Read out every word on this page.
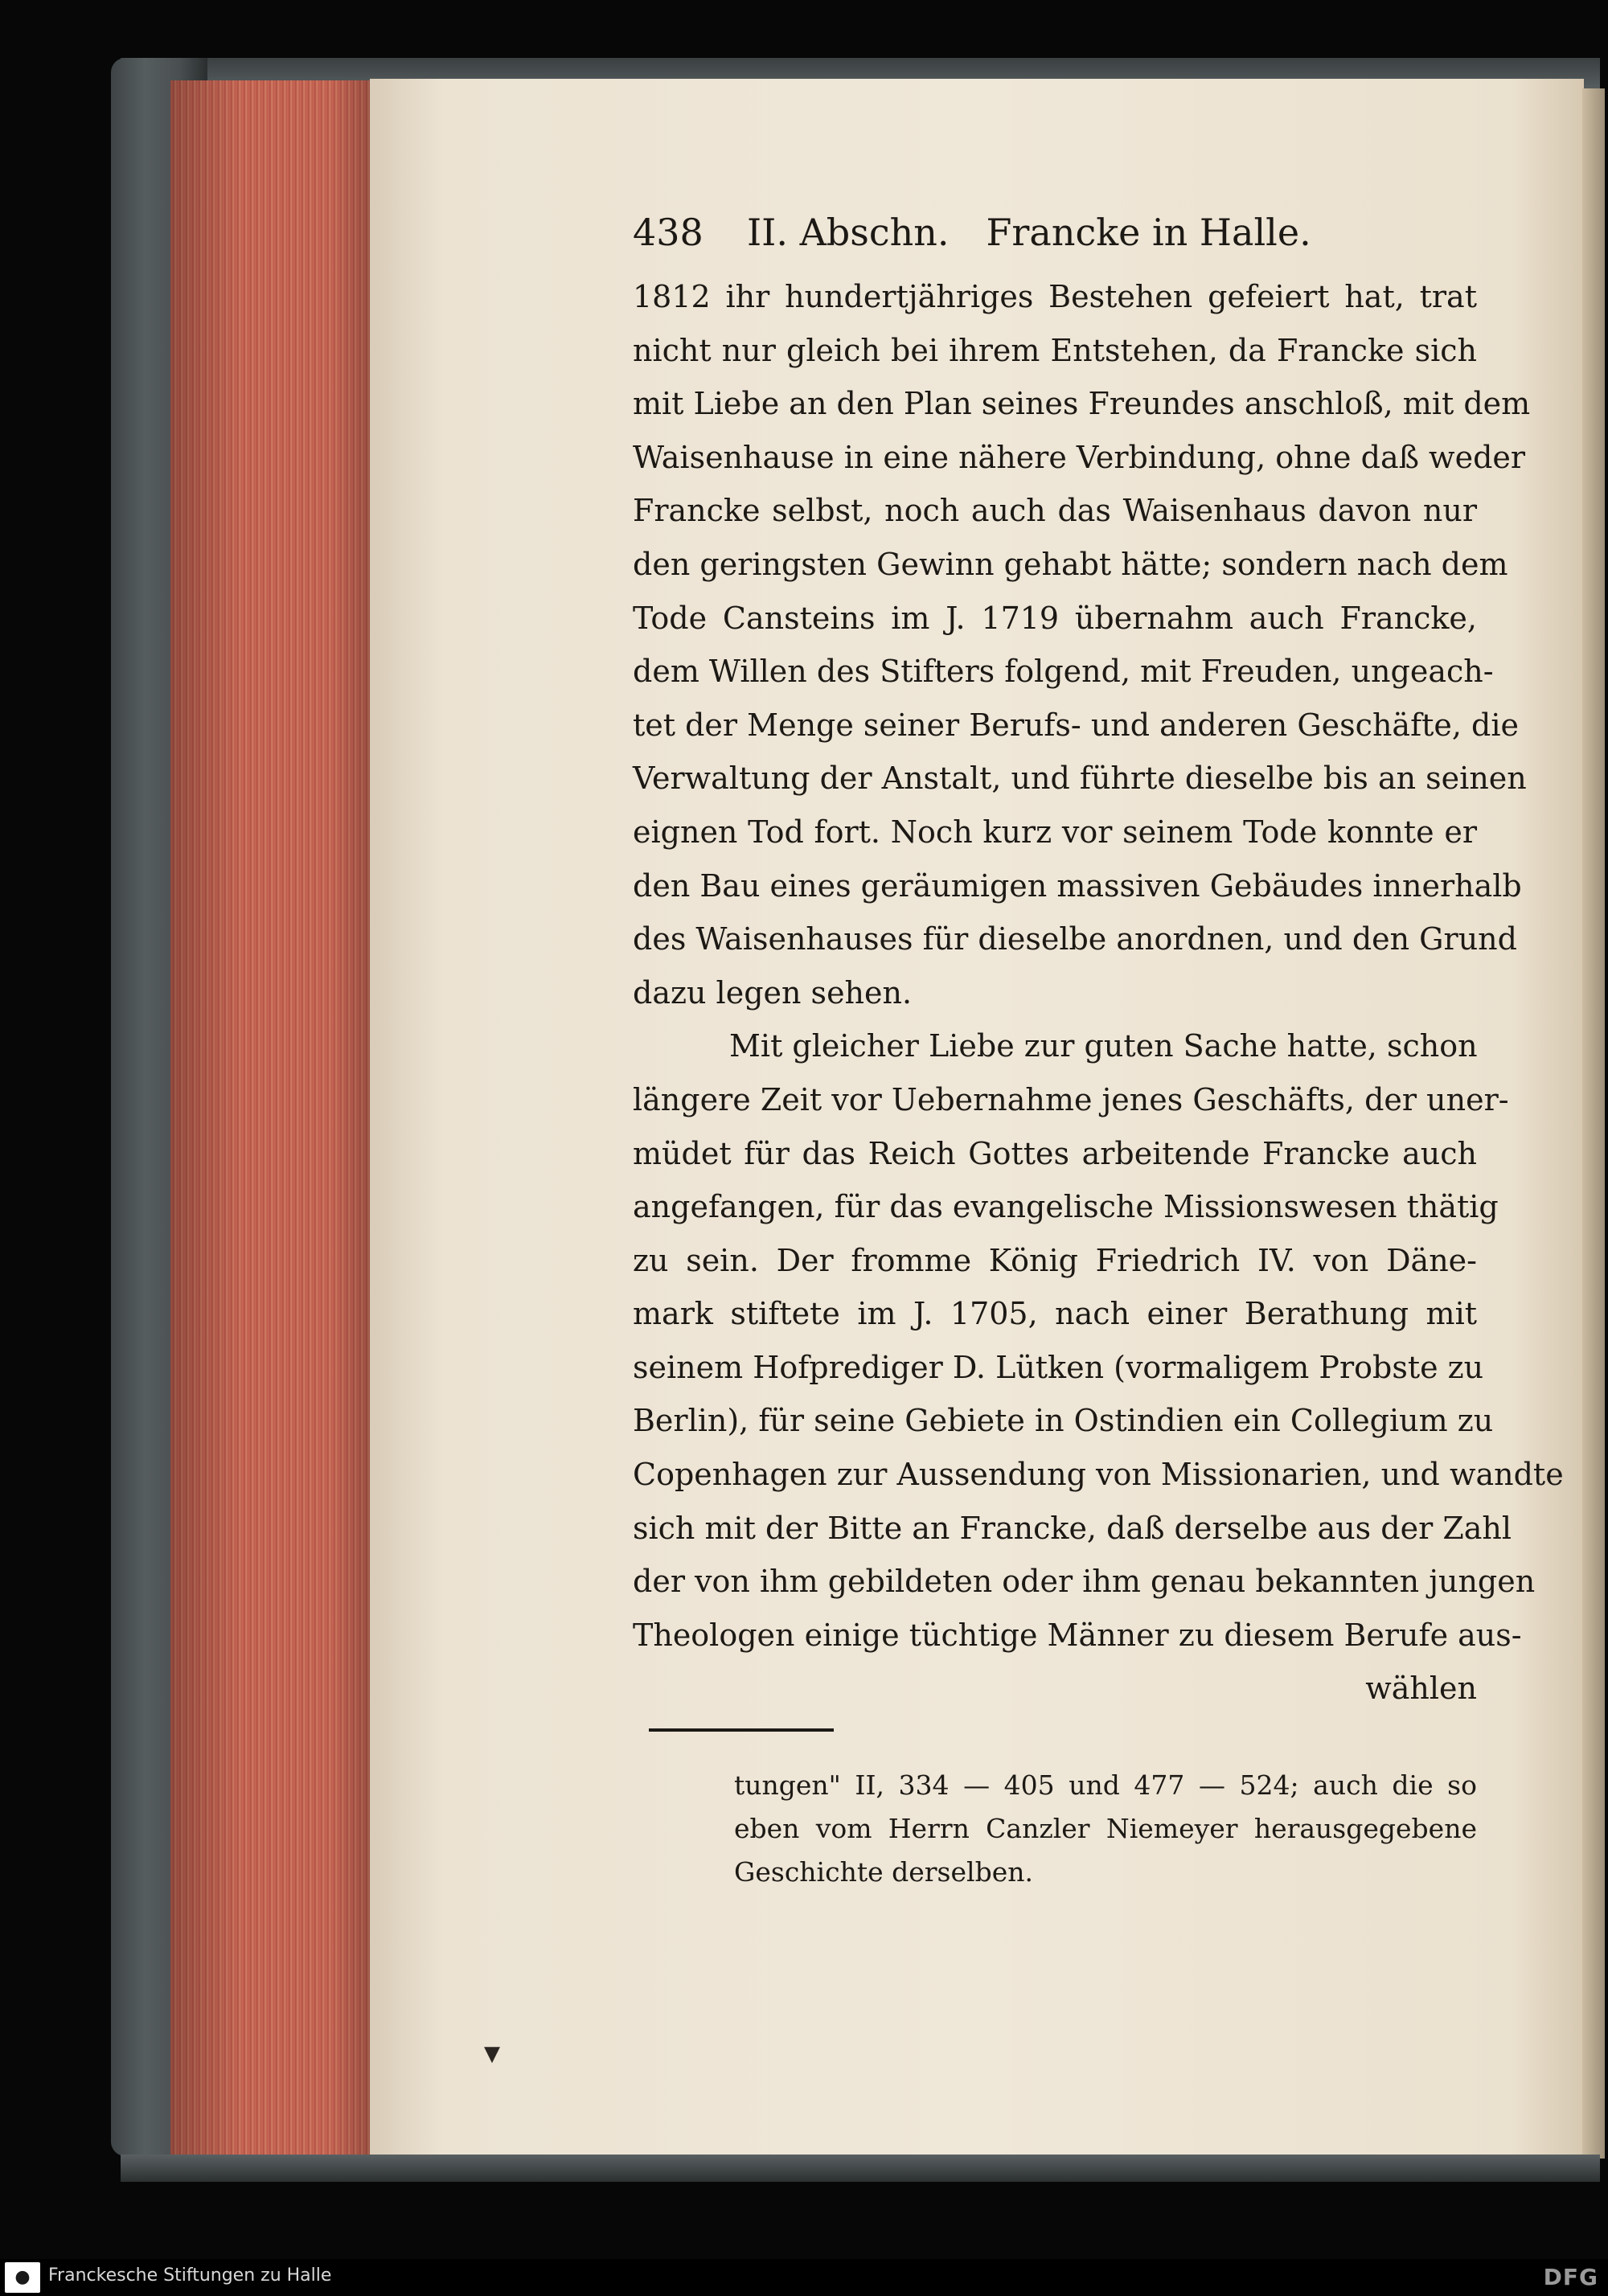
438 II. Abschn. Francke in Halle.
1812 ihr hundertjähriges Bestehen gefeiert hat, trat
nicht nur gleich bei ihrem Entstehen, da Francke sich
mit Liebe an den Plan seines Freundes anschloß, mit dem
Waisenhause in eine nähere Verbindung, ohne daß weder
Francke selbst, noch auch das Waisenhaus davon nur
den geringsten Gewinn gehabt hätte; sondern nach dem
Tode Cansteins im J. 1719 übernahm auch Francke,
dem Willen des Stifters folgend, mit Freuden, ungeach-
tet der Menge seiner Berufs- und anderen Geschäfte, die
Verwaltung der Anstalt, und führte dieselbe bis an seinen
eignen Tod fort. Noch kurz vor seinem Tode konnte er
den Bau eines geräumigen massiven Gebäudes innerhalb
des Waisenhauses für dieselbe anordnen, und den Grund
dazu legen sehen.
Mit gleicher Liebe zur guten Sache hatte, schon
längere Zeit vor Uebernahme jenes Geschäfts, der uner-
müdet für das Reich Gottes arbeitende Francke auch
angefangen, für das evangelische Missionswesen thätig
zu sein. Der fromme König Friedrich IV. von Däne-
mark stiftete im J. 1705, nach einer Berathung mit
seinem Hofprediger D. Lütken (vormaligem Probste zu
Berlin), für seine Gebiete in Ostindien ein Collegium zu
Copenhagen zur Aussendung von Missionarien, und wandte
sich mit der Bitte an Francke, daß derselbe aus der Zahl
der von ihm gebildeten oder ihm genau bekannten jungen
Theologen einige tüchtige Männer zu diesem Berufe aus-
wählen
tungen" II, 334 — 405 und 477 — 524; auch die so
eben vom Herrn Canzler Niemeyer herausgegebene
Geschichte derselben.
▼
●	Franckesche Stiftungen zu Halle	DFG
